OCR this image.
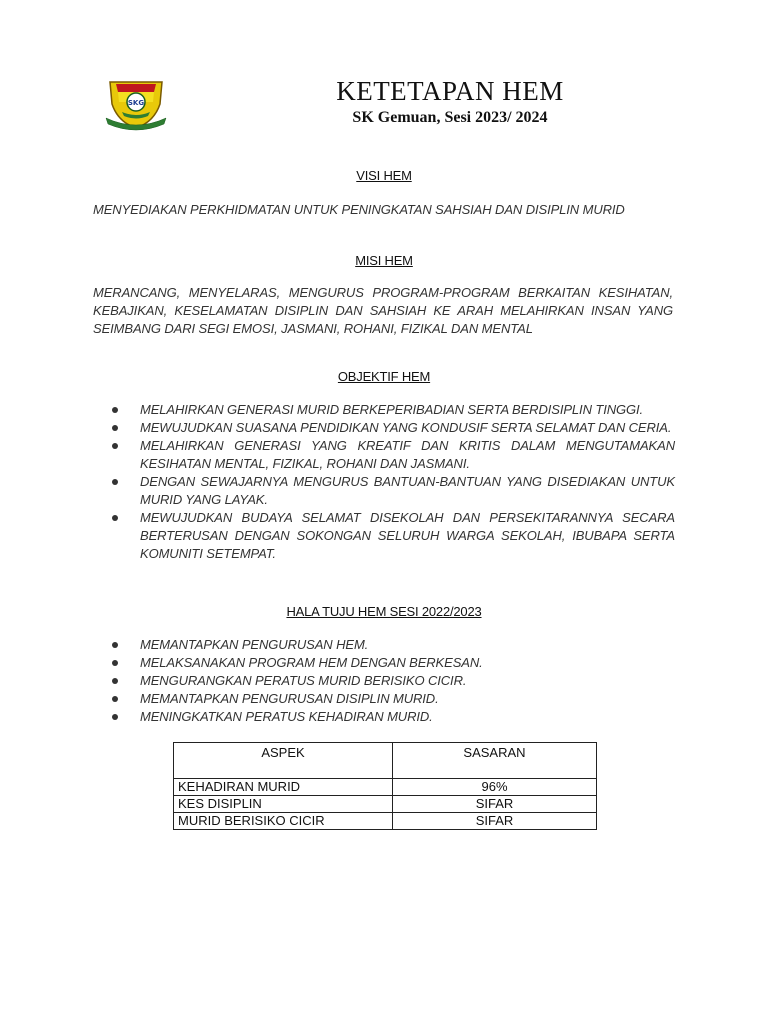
SKG	KETETAPAN HEM
SK Gemuan, Sesi 2023/ 2024
VISI HEM
MENYEDIAKAN PERKHIDMATAN UNTUK PENINGKATAN SAHSIAH DAN DISIPLIN MURID
MISI HEM
MERANCANG, MENYELARAS, MENGURUS PROGRAM-PROGRAM BERKAITAN KESIHATAN, KEBAJIKAN, KESELAMATAN DISIPLIN DAN SAHSIAH KE ARAH MELAHIRKAN INSAN YANG SEIMBANG DARI SEGI EMOSI, JASMANI, ROHANI, FIZIKAL DAN MENTAL
OBJEKTIF HEM
MELAHIRKAN GENERASI MURID BERKEPERIBADIAN SERTA BERDISIPLIN TINGGI.
MEWUJUDKAN SUASANA PENDIDIKAN YANG KONDUSIF SERTA SELAMAT DAN CERIA.
MELAHIRKAN GENERASI YANG KREATIF DAN KRITIS DALAM MENGUTAMAKAN KESIHATAN MENTAL, FIZIKAL, ROHANI DAN JASMANI.
DENGAN SEWAJARNYA MENGURUS BANTUAN-BANTUAN YANG DISEDIAKAN UNTUK MURID YANG LAYAK.
MEWUJUDKAN BUDAYA SELAMAT DISEKOLAH DAN PERSEKITARANNYA SECARA BERTERUSAN DENGAN SOKONGAN SELURUH WARGA SEKOLAH, IBUBAPA SERTA KOMUNITI SETEMPAT.
HALA TUJU HEM SESI 2022/2023
MEMANTAPKAN PENGURUSAN HEM.
MELAKSANAKAN PROGRAM HEM DENGAN BERKESAN.
MENGURANGKAN PERATUS MURID BERISIKO CICIR.
MEMANTAPKAN PENGURUSAN DISIPLIN MURID.
MENINGKATKAN PERATUS KEHADIRAN MURID.
ASPEK	SASARAN
KEHADIRAN MURID	96%
KES DISIPLIN	SIFAR
MURID BERISIKO CICIR	SIFAR
